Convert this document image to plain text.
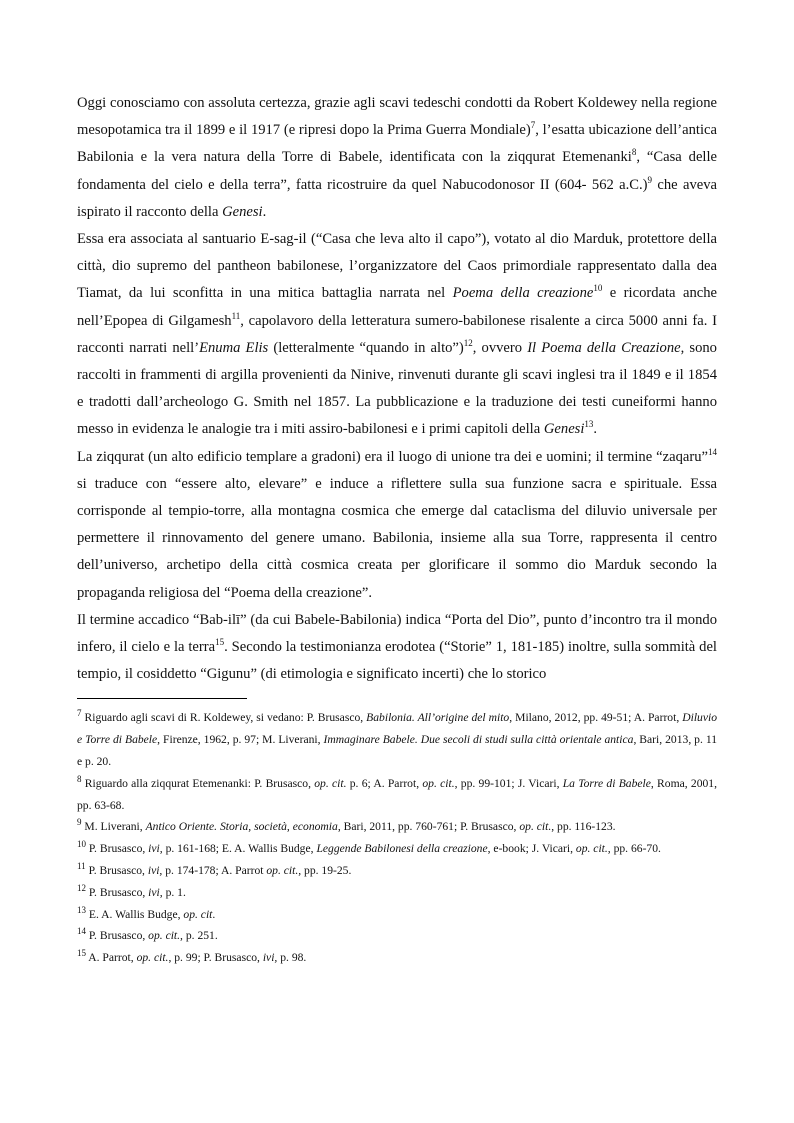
Oggi conosciamo con assoluta certezza, grazie agli scavi tedeschi condotti da Robert Koldewey nella regione mesopotamica tra il 1899 e il 1917 (e ripresi dopo la Prima Guerra Mondiale)$^7$, l’esatta ubicazione dell’antica Babilonia e la vera natura della Torre di Babele, identificata con la ziqqurat Etemenanki$^8$, “Casa delle fondamenta del cielo e della terra”, fatta ricostruire da quel Nabucodonosor II (604- 562 a.C.)$^9$ che aveva ispirato il racconto della Genesi.

Essa era associata al santuario E-sag-il (“Casa che leva alto il capo”), votato al dio Marduk, protettore della città, dio supremo del pantheon babilonese, l’organizzatore del Caos primordiale rappresentato dalla dea Tiamat, da lui sconfitta in una mitica battaglia narrata nel Poema della creazione$^{10}$ e ricordata anche nell’Epopea di Gilgamesh$^{11}$, capolavoro della letteratura sumero-babilonese risalente a circa 5000 anni fa. I racconti narrati nell’Enuma Elis (letteralmente “quando in alto”)$^{12}$, ovvero Il Poema della Creazione, sono raccolti in frammenti di argilla provenienti da Ninive, rinvenuti durante gli scavi inglesi tra il 1849 e il 1854 e tradotti dall’archeologo G. Smith nel 1857. La pubblicazione e la traduzione dei testi cuneiformi hanno messo in evidenza le analogie tra i miti assiro-babilonesi e i primi capitoli della Genesi$^{13}$.

La ziqqurat (un alto edificio templare a gradoni) era il luogo di unione tra dei e uomini; il termine “zaqaru”$^{14}$ si traduce con “essere alto, elevare” e induce a riflettere sulla sua funzione sacra e spirituale. Essa corrisponde al tempio-torre, alla montagna cosmica che emerge dal cataclisma del diluvio universale per permettere il rinnovamento del genere umano. Babilonia, insieme alla sua Torre, rappresenta il centro dell’universo, archetipo della città cosmica creata per glorificare il sommo dio Marduk secondo la propaganda religiosa del “Poema della creazione”.

Il termine accadico “Bab-ilī” (da cui Babele-Babilonia) indica “Porta del Dio”, punto d’incontro tra il mondo infero, il cielo e la terra$^{15}$. Secondo la testimonianza erodotea (“Storie” 1, 181-185) inoltre, sulla sommità del tempio, il cosiddetto “Gigunu” (di etimologia e significato incerti) che lo storico

$^7$ Riguardo agli scavi di R. Koldewey, si vedano: P. Brusasco, Babilonia. All’origine del mito, Milano, 2012, pp. 49-51; A. Parrot, Diluvio e Torre di Babele, Firenze, 1962, p. 97; M. Liverani, Immaginare Babele. Due secoli di studi sulla città orientale antica, Bari, 2013, p. 11 e p. 20.

$^8$ Riguardo alla ziqqurat Etemenanki: P. Brusasco, op. cit. p. 6; A. Parrot, op. cit., pp. 99-101; J. Vicari, La Torre di Babele, Roma, 2001, pp. 63-68.

$^9$ M. Liverani, Antico Oriente. Storia, società, economia, Bari, 2011, pp. 760-761; P. Brusasco, op. cit., pp. 116-123.

$^{10}$ P. Brusasco, ivi, p. 161-168; E. A. Wallis Budge, Leggende Babilonesi della creazione, e-book; J. Vicari, op. cit., pp. 66-70.

$^{11}$ P. Brusasco, ivi, p. 174-178; A. Parrot op. cit., pp. 19-25.

$^{12}$ P. Brusasco, ivi, p. 1.

$^{13}$ E. A. Wallis Budge, op. cit.

$^{14}$ P. Brusasco, op. cit., p. 251.

$^{15}$ A. Parrot, op. cit., p. 99; P. Brusasco, ivi, p. 98.
